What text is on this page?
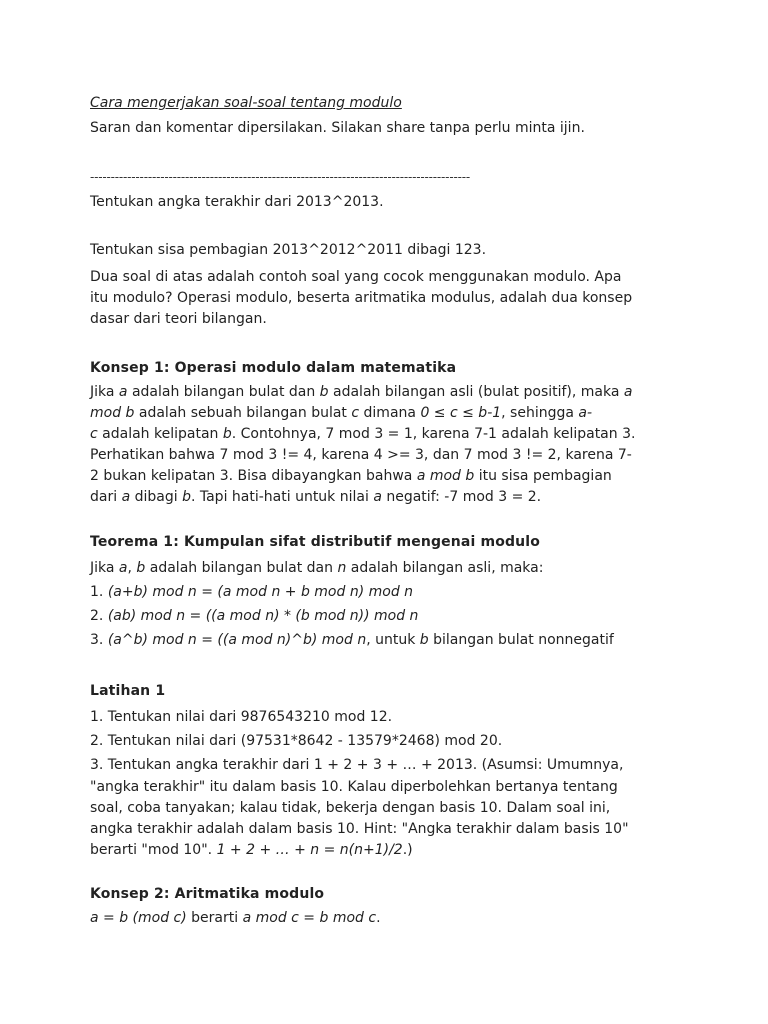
Cara mengerjakan soal-soal tentang modulo
Saran dan komentar dipersilakan. Silakan share tanpa perlu minta ijin.
--------------------------------------------------------------------------------------------
Tentukan angka terakhir dari 2013^2013.
Tentukan sisa pembagian 2013^2012^2011 dibagi 123.
Dua soal di atas adalah contoh soal yang cocok menggunakan modulo. Apa
itu modulo? Operasi modulo, beserta aritmatika modulus, adalah dua konsep
dasar dari teori bilangan.
Konsep 1: Operasi modulo dalam matematika
Jika a adalah bilangan bulat dan b adalah bilangan asli (bulat positif), maka a
mod b adalah sebuah bilangan bulat c dimana 0 ≤ c ≤ b-1, sehingga a-
c adalah kelipatan b. Contohnya, 7 mod 3 = 1, karena 7-1 adalah kelipatan 3.
Perhatikan bahwa 7 mod 3 != 4, karena 4 >= 3, dan 7 mod 3 != 2, karena 7-
2 bukan kelipatan 3. Bisa dibayangkan bahwa a mod b itu sisa pembagian
dari a dibagi b. Tapi hati-hati untuk nilai a negatif: -7 mod 3 = 2.
Teorema 1: Kumpulan sifat distributif mengenai modulo
Jika a, b adalah bilangan bulat dan n adalah bilangan asli, maka:
1. (a+b) mod n = (a mod n + b mod n) mod n
2. (ab) mod n = ((a mod n) * (b mod n)) mod n
3. (a^b) mod n = ((a mod n)^b) mod n, untuk b bilangan bulat nonnegatif
Latihan 1
1. Tentukan nilai dari 9876543210 mod 12.
2. Tentukan nilai dari (97531*8642 - 13579*2468) mod 20.
3. Tentukan angka terakhir dari 1 + 2 + 3 + … + 2013. (Asumsi: Umumnya,
"angka terakhir" itu dalam basis 10. Kalau diperbolehkan bertanya tentang
soal, coba tanyakan; kalau tidak, bekerja dengan basis 10. Dalam soal ini,
angka terakhir adalah dalam basis 10. Hint: "Angka terakhir dalam basis 10"
berarti "mod 10". 1 + 2 + … + n = n(n+1)/2.)
Konsep 2: Aritmatika modulo
a = b (mod c) berarti a mod c = b mod c.
